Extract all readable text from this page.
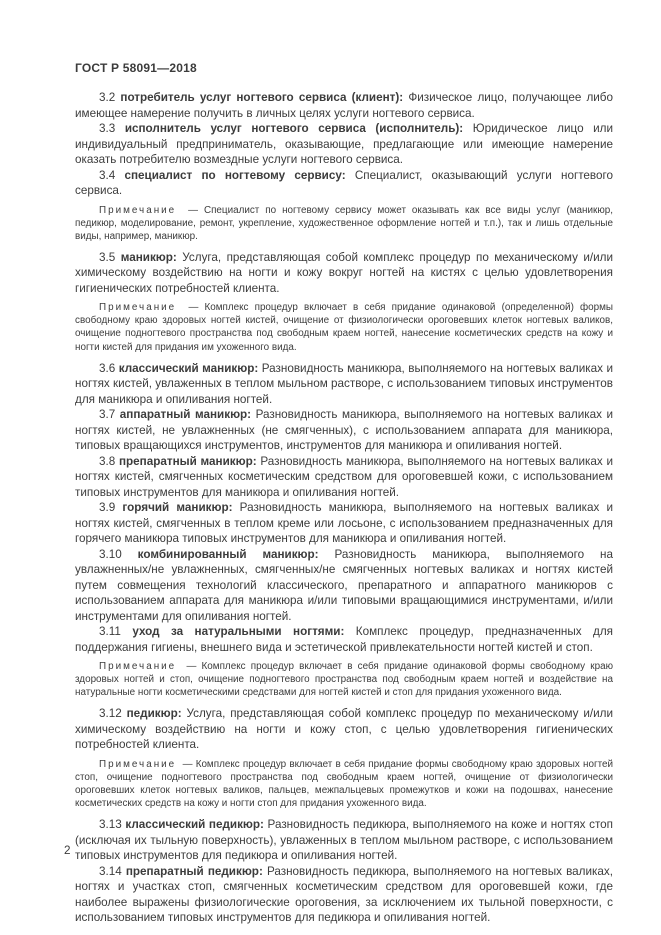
ГОСТ Р 58091—2018

3.2 потребитель услуг ногтевого сервиса (клиент): Физическое лицо, получающее либо имеющее намерение получить в личных целях услуги ногтевого сервиса.

3.3 исполнитель услуг ногтевого сервиса (исполнитель): Юридическое лицо или индивидуальный предприниматель, оказывающие, предлагающие или имеющие намерение оказать потребителю возмездные услуги ногтевого сервиса.

3.4 специалист по ногтевому сервису: Специалист, оказывающий услуги ногтевого сервиса.

Примечание  — Специалист по ногтевому сервису может оказывать как все виды услуг (маникюр, педикюр, моделирование, ремонт, укрепление, художественное оформление ногтей и т.п.), так и лишь отдельные виды, например, маникюр.

3.5 маникюр: Услуга, представляющая собой комплекс процедур по механическому и/или химическому воздействию на ногти и кожу вокруг ногтей на кистях с целью удовлетворения гигиенических потребностей клиента.

Примечание  — Комплекс процедур включает в себя придание одинаковой (определенной) формы свободному краю здоровых ногтей кистей, очищение от физиологически ороговевших клеток ногтевых валиков, очищение подногтевого пространства под свободным краем ногтей, нанесение косметических средств на кожу и ногти кистей для придания им ухоженного вида.

3.6 классический маникюр: Разновидность маникюра, выполняемого на ногтевых валиках и ногтях кистей, увлаженных в теплом мыльном растворе, с использованием типовых инструментов для маникюра и опиливания ногтей.

3.7 аппаратный маникюр: Разновидность маникюра, выполняемого на ногтевых валиках и ногтях кистей, не увлажненных (не смягченных), с использованием аппарата для маникюра, типовых вращающихся инструментов, инструментов для маникюра и опиливания ногтей.

3.8 препаратный маникюр: Разновидность маникюра, выполняемого на ногтевых валиках и ногтях кистей, смягченных косметическим средством для ороговевшей кожи, с использованием типовых инструментов для маникюра и опиливания ногтей.

3.9 горячий маникюр: Разновидность маникюра, выполняемого на ногтевых валиках и ногтях кистей, смягченных в теплом креме или лосьоне, с использованием предназначенных для горячего маникюра типовых инструментов для маникюра и опиливания ногтей.

3.10 комбинированный маникюр: Разновидность маникюра, выполняемого на увлажненных/не увлажненных, смягченных/не смягченных ногтевых валиках и ногтях кистей путем совмещения технологий классического, препаратного и аппаратного маникюров с использованием аппарата для маникюра и/или типовыми вращающимися инструментами, и/или инструментами для опиливания ногтей.

3.11 уход за натуральными ногтями: Комплекс процедур, предназначенных для поддержания гигиены, внешнего вида и эстетической привлекательности ногтей кистей и стоп.

Примечание  — Комплекс процедур включает в себя придание одинаковой формы свободному краю здоровых ногтей и стоп, очищение подногтевого пространства под свободным краем ногтей и воздействие на натуральные ногти косметическими средствами для ногтей кистей и стоп для придания ухоженного вида.

3.12 педикюр: Услуга, представляющая собой комплекс процедур по механическому и/или химическому воздействию на ногти и кожу стоп, с целью удовлетворения гигиенических потребностей клиента.

Примечание  — Комплекс процедур включает в себя придание формы свободному краю здоровых ногтей стоп, очищение подногтевого пространства под свободным краем ногтей, очищение от физиологически ороговевших клеток ногтевых валиков, пальцев, межпальцевых промежутков и кожи на подошвах, нанесение косметических средств на кожу и ногти стоп для придания ухоженного вида.

3.13 классический педикюр: Разновидность педикюра, выполняемого на коже и ногтях стоп (исключая их тыльную поверхность), увлаженных в теплом мыльном растворе, с использованием типовых инструментов для педикюра и опиливания ногтей.

3.14 препаратный педикюр: Разновидность педикюра, выполняемого на ногтевых валиках, ногтях и участках стоп, смягченных косметическим средством для ороговевшей кожи, где наиболее выражены физиологические ороговения, за исключением их тыльной поверхности, с использованием типовых инструментов для педикюра и опиливания ногтей.

2
